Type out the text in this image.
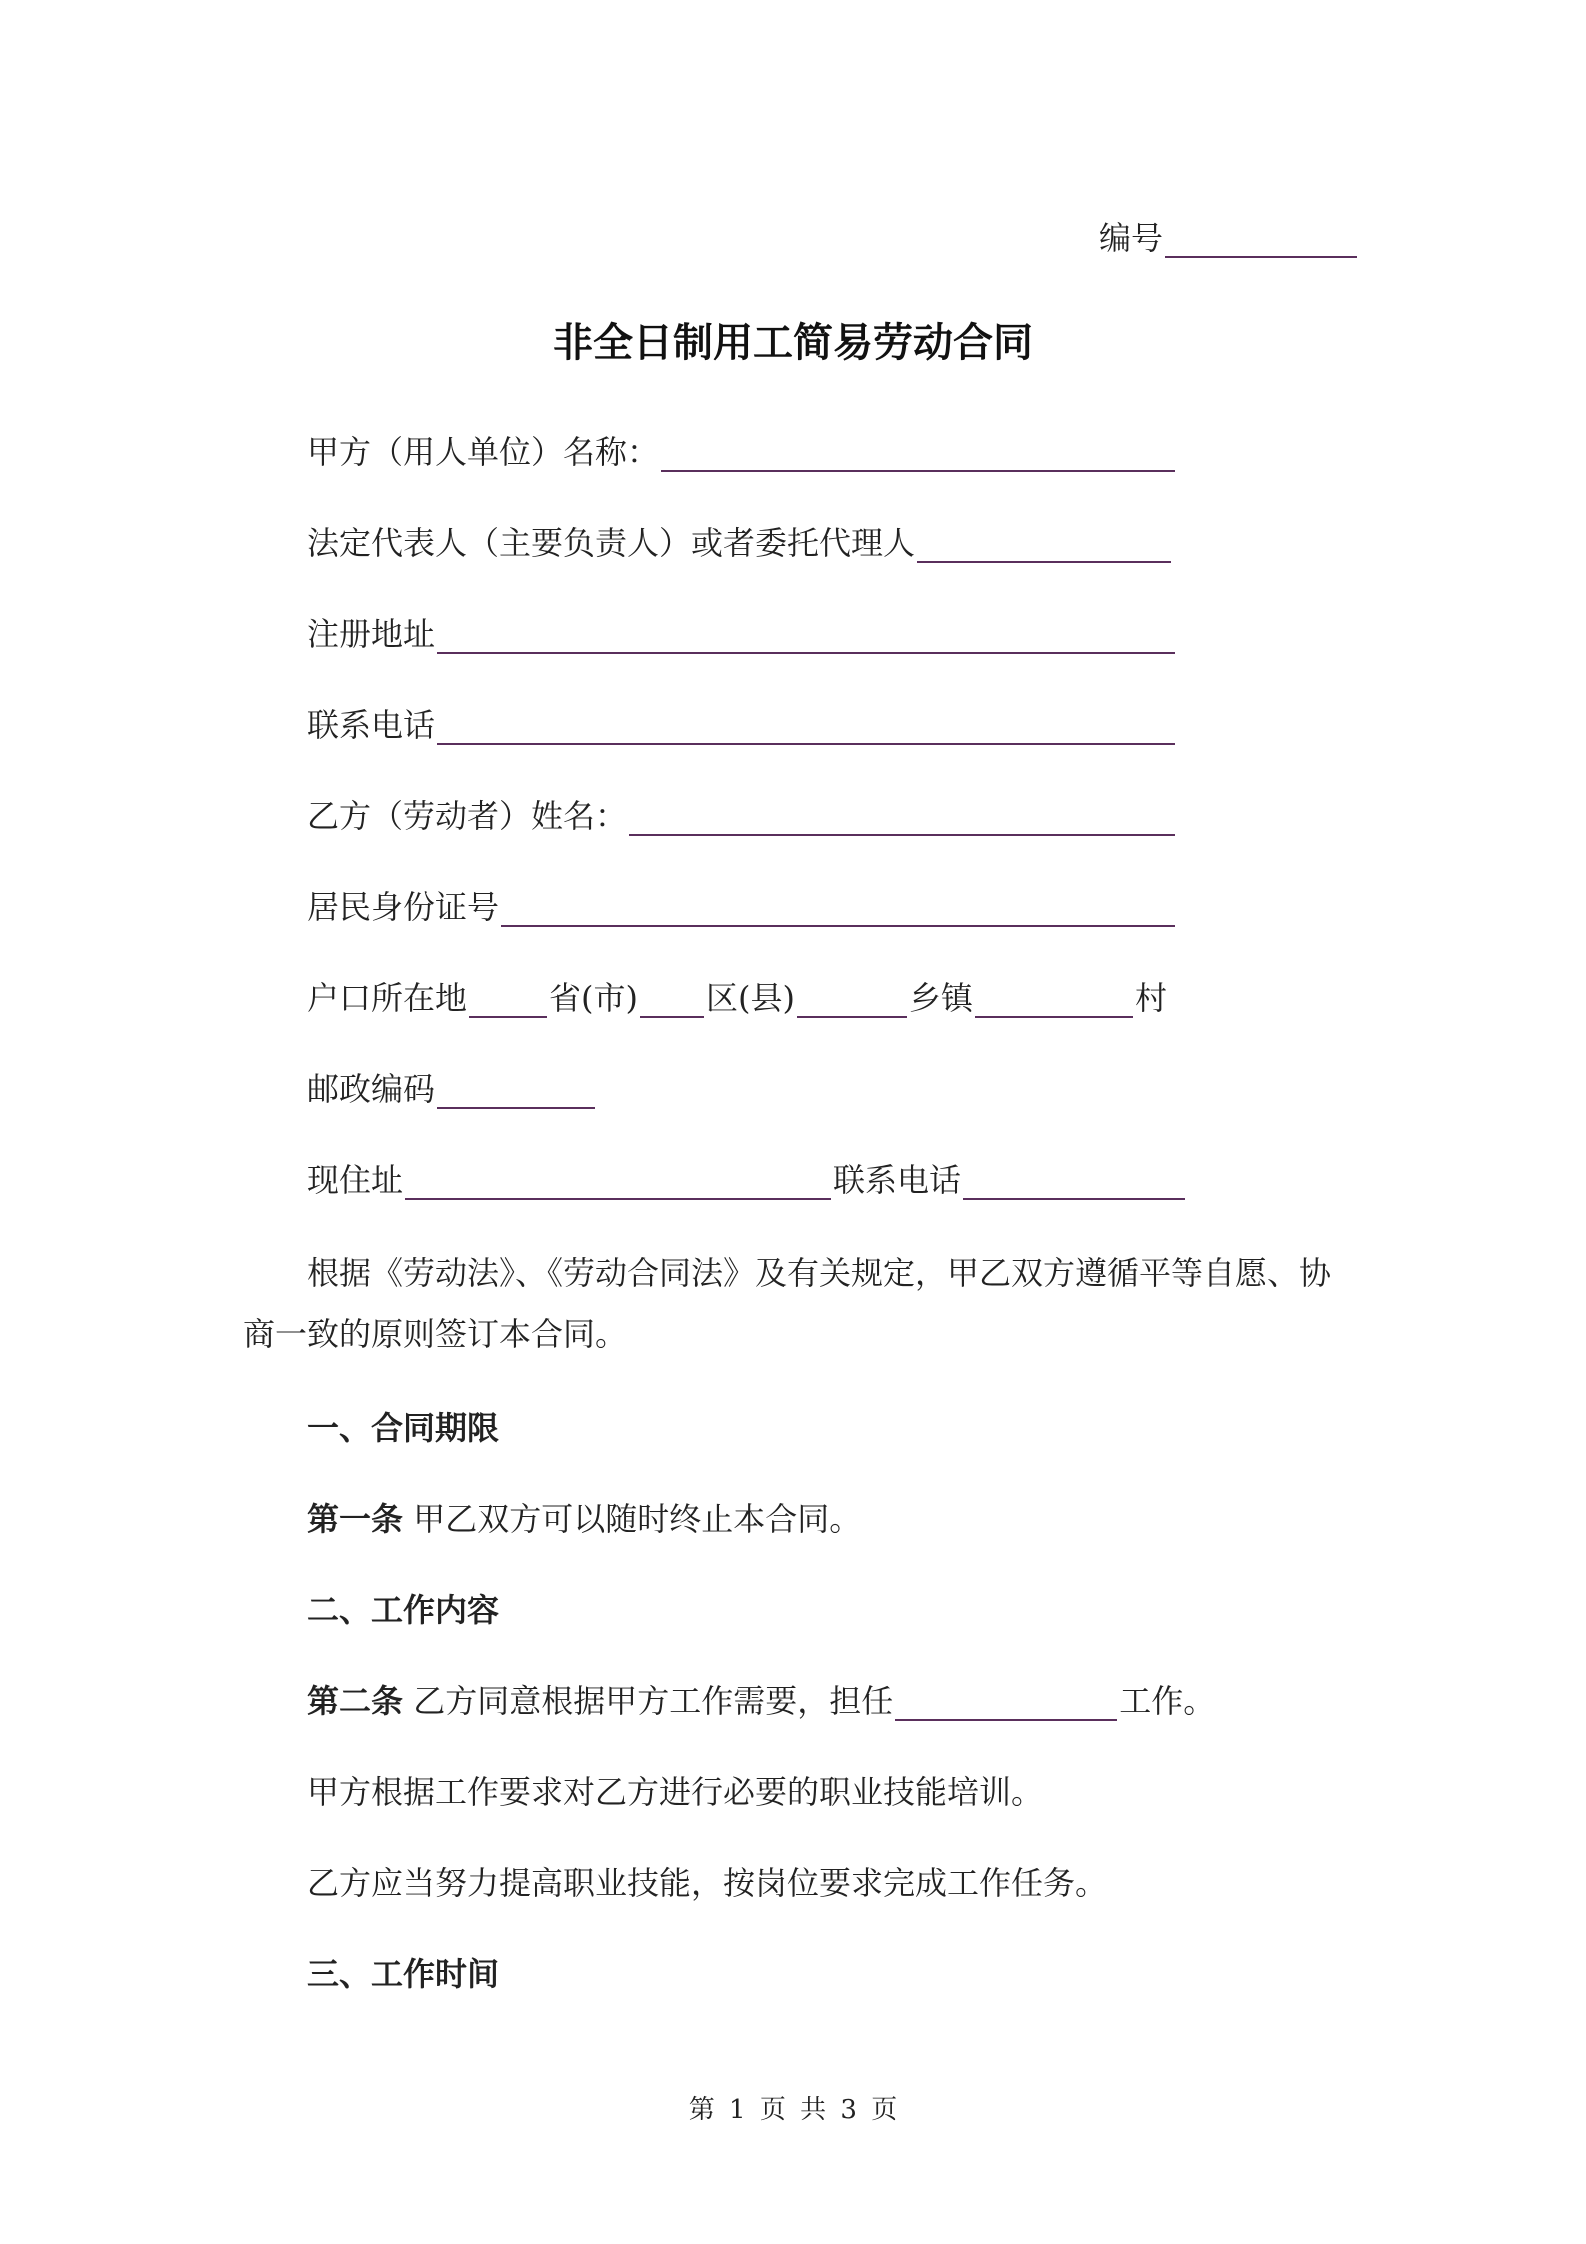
编号
非全日制用工简易劳动合同
甲方（用人单位）名称：
法定代表人（主要负责人）或者委托代理人
注册地址
联系电话
乙方（劳动者）姓名：
居民身份证号
户口所在地	省(市) 区(县)	乡镇	村
邮政编码
现住址	联系电话
根据《劳动法》、《劳动合同法》及有关规定，甲乙双方遵循平等自愿、协商一致的原则签订本合同。
一、合同期限
第一条 甲乙双方可以随时终止本合同。
二、工作内容
第二条 乙方同意根据甲方工作需要，担任	工作。
甲方根据工作要求对乙方进行必要的职业技能培训。
乙方应当努力提高职业技能，按岗位要求完成工作任务。
三、工作时间
第 1 页 共 3 页
